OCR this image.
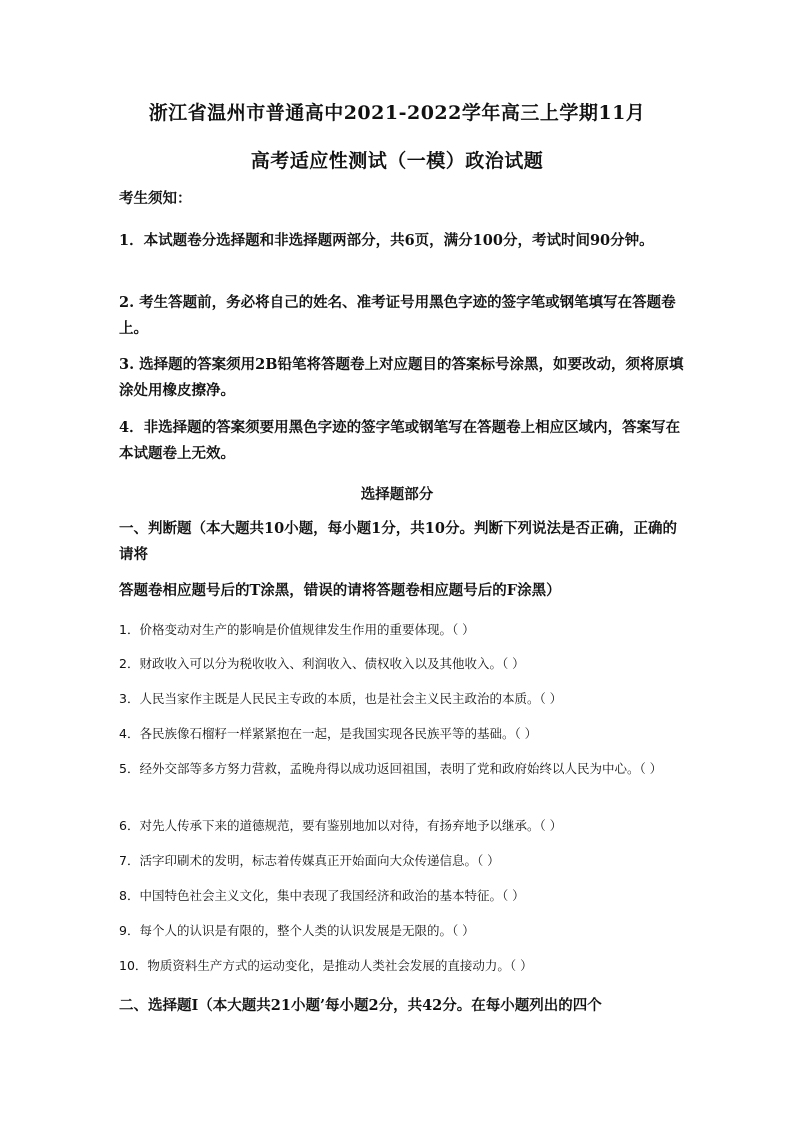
浙江省温州市普通高中2021-2022学年高三上学期11月
高考适应性测试（一模）政治试题
考生须知：
1．本试题卷分选择题和非选择题两部分，共6页，满分100分，考试时间90分钟。
2. 考生答题前，务必将自己的姓名、准考证号用黑色字迹的签字笔或钢笔填写在答题卷上。
3. 选择题的答案须用2B铅笔将答题卷上对应题目的答案标号涂黑，如要改动，须将原填涂处用橡皮擦净。
4．非选择题的答案须要用黑色字迹的签字笔或钢笔写在答题卷上相应区域内，答案写在本试题卷上无效。
选择题部分
一、判断题（本大题共10小题，每小题1分，共10分。判断下列说法是否正确，正确的请将
答题卷相应题号后的T涂黑，错误的请将答题卷相应题号后的F涂黑）
1．价格变动对生产的影响是价值规律发生作用的重要体现。（ ）
2．财政收入可以分为税收收入、利润收入、债权收入以及其他收入。（ ）
3．人民当家作主既是人民民主专政的本质，也是社会主义民主政治的本质。（ ）
4．各民族像石榴籽一样紧紧抱在一起，是我国实现各民族平等的基础。（ ）
5．经外交部等多方努力营救，孟晚舟得以成功返回祖国，表明了党和政府始终以人民为中心。（ ）
6．对先人传承下来的道德规范，要有鉴别地加以对待，有扬弃地予以继承。（ ）
7．活字印刷术的发明，标志着传媒真正开始面向大众传递信息。（ ）
8．中国特色社会主义文化，集中表现了我国经济和政治的基本特征。（ ）
9．每个人的认识是有限的，整个人类的认识发展是无限的。（ ）
10．物质资料生产方式的运动变化，是推动人类社会发展的直接动力。（ ）
二、选择题Ⅰ（本大题共21小题’每小题2分，共42分。在每小题列出的四个
